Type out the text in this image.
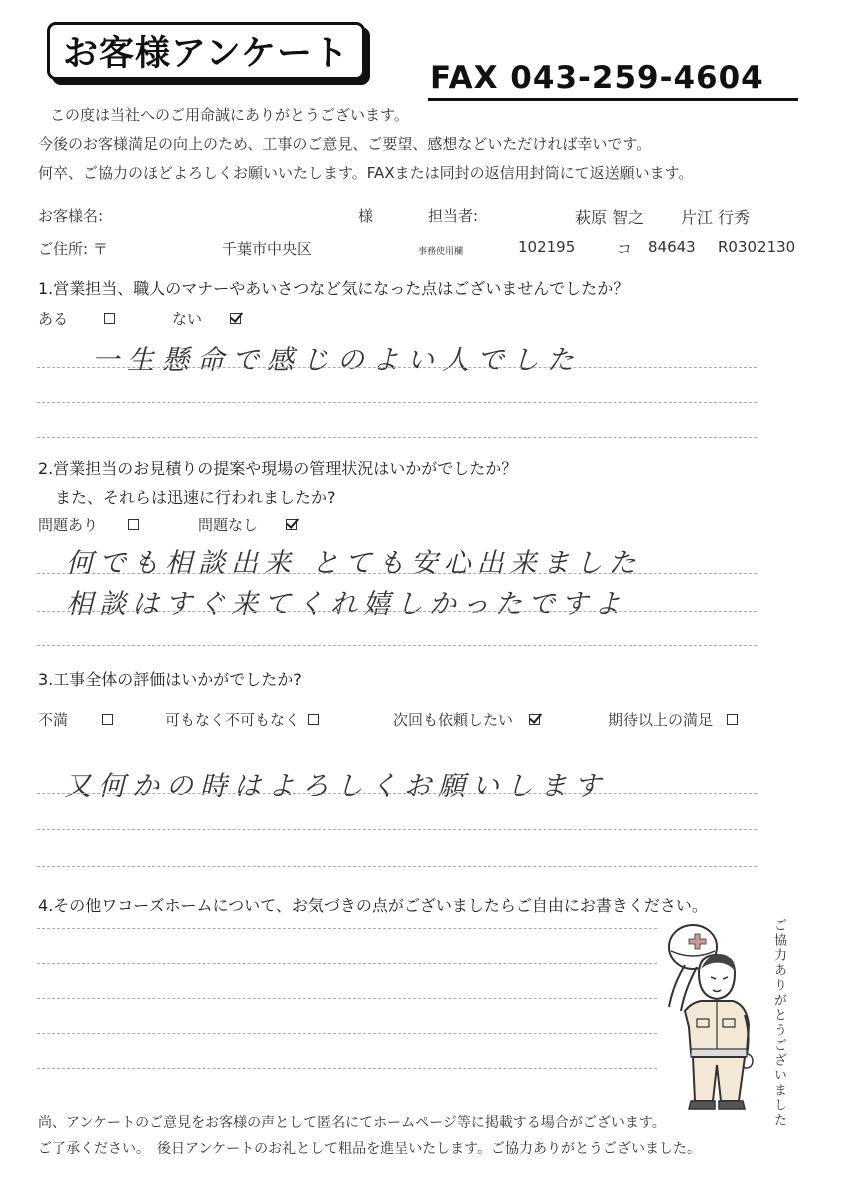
お客様アンケート
FAX 043-259-4604
この度は当社へのご用命誠にありがとうございます。
今後のお客様満足の向上のため、工事のご意見、ご要望、感想などいただければ幸いです。
何卒、ご協力のほどよろしくお願いいたします。FAXまたは同封の返信用封筒にて返送願います。
お客様名:	様	担当者:	萩原 智之 片江 行秀
ご住所: 〒	千葉市中央区	事務使用欄	102195	コ 84643 R0302130
1.営業担当、職人のマナーやあいさつなど気になった点はございませんでしたか？
ある	ない
一生懸命で感じのよい人でした
2.営業担当のお見積りの提案や現場の管理状況はいかがでしたか？
また、それらは迅速に行われましたか?
問題あり	問題なし
何でも相談出来 とても安心出来ました
相談はすぐ来てくれ嬉しかったですよ
3.工事全体の評価はいかがでしたか?
不満	可もなく不可もなく	次回も依頼したい	期待以上の満足
又何かの時はよろしくお願いします
4.その他ワコーズホームについて、お気づきの点がございましたらご自由にお書きください。
ご協力ありがとうございました
尚、アンケートのご意見をお客様の声として匿名にてホームページ等に掲載する場合がございます。
ご了承ください。　後日アンケートのお礼として粗品を進呈いたします。ご協力ありがとうございました。
